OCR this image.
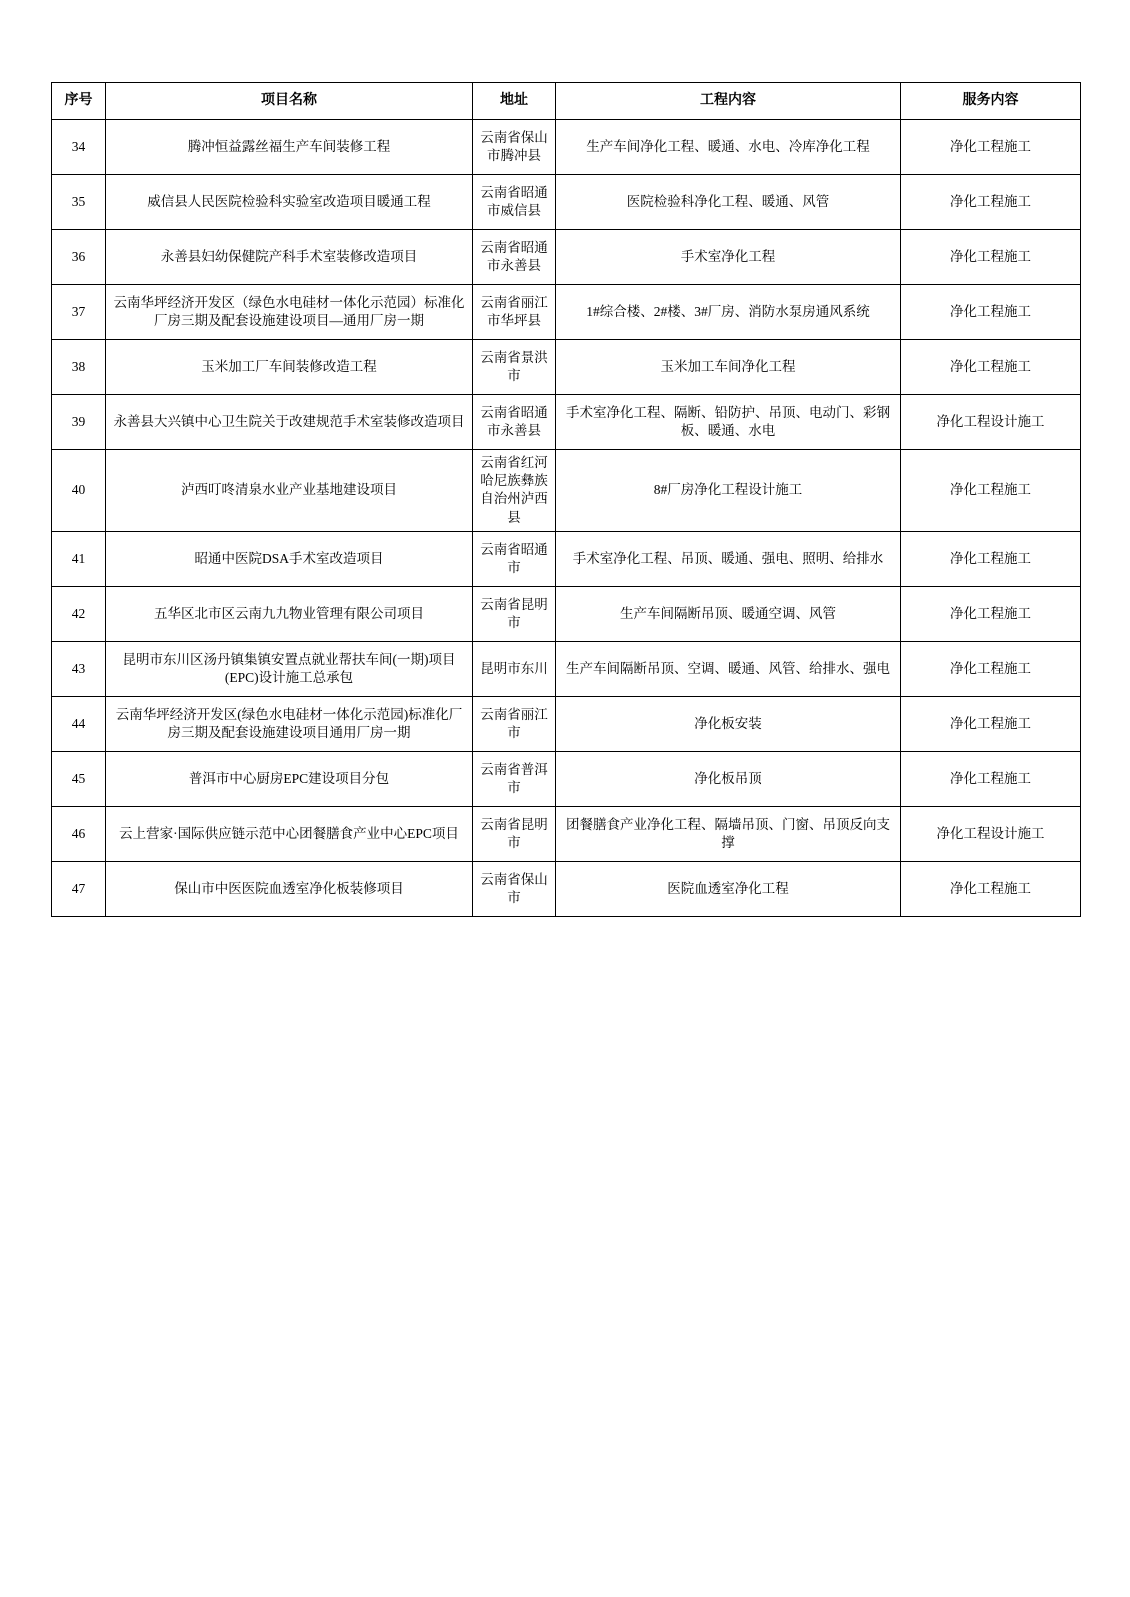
序号	项目名称	地址	工程内容	服务内容
34	腾冲恒益露丝福生产车间装修工程	云南省保山市腾冲县	生产车间净化工程、暖通、水电、冷库净化工程	净化工程施工
35	威信县人民医院检验科实验室改造项目暖通工程	云南省昭通市威信县	医院检验科净化工程、暖通、风管	净化工程施工
36	永善县妇幼保健院产科手术室装修改造项目	云南省昭通市永善县	手术室净化工程	净化工程施工
37	云南华坪经济开发区（绿色水电硅材一体化示范园）标准化厂房三期及配套设施建设项目—通用厂房一期	云南省丽江市华坪县	1#综合楼、2#楼、3#厂房、消防水泵房通风系统	净化工程施工
38	玉米加工厂车间装修改造工程	云南省景洪市	玉米加工车间净化工程	净化工程施工
39	永善县大兴镇中心卫生院关于改建规范手术室装修改造项目	云南省昭通市永善县	手术室净化工程、隔断、铅防护、吊顶、电动门、彩钢板、暖通、水电	净化工程设计施工
40	泸西叮咚清泉水业产业基地建设项目	云南省红河哈尼族彝族自治州泸西县	8#厂房净化工程设计施工	净化工程施工
41	昭通中医院DSA手术室改造项目	云南省昭通市	手术室净化工程、吊顶、暖通、强电、照明、给排水	净化工程施工
42	五华区北市区云南九九物业管理有限公司项目	云南省昆明市	生产车间隔断吊顶、暖通空调、风管	净化工程施工
43	昆明市东川区汤丹镇集镇安置点就业帮扶车间(一期)项目(EPC)设计施工总承包	昆明市东川	生产车间隔断吊顶、空调、暖通、风管、给排水、强电	净化工程施工
44	云南华坪经济开发区(绿色水电硅材一体化示范园)标准化厂房三期及配套设施建设项目通用厂房一期	云南省丽江市	净化板安装	净化工程施工
45	普洱市中心厨房EPC建设项目分包	云南省普洱市	净化板吊顶	净化工程施工
46	云上营家·国际供应链示范中心团餐膳食产业中心EPC项目	云南省昆明市	团餐膳食产业净化工程、隔墙吊顶、门窗、吊顶反向支撑	净化工程设计施工
47	保山市中医医院血透室净化板装修项目	云南省保山市	医院血透室净化工程	净化工程施工
